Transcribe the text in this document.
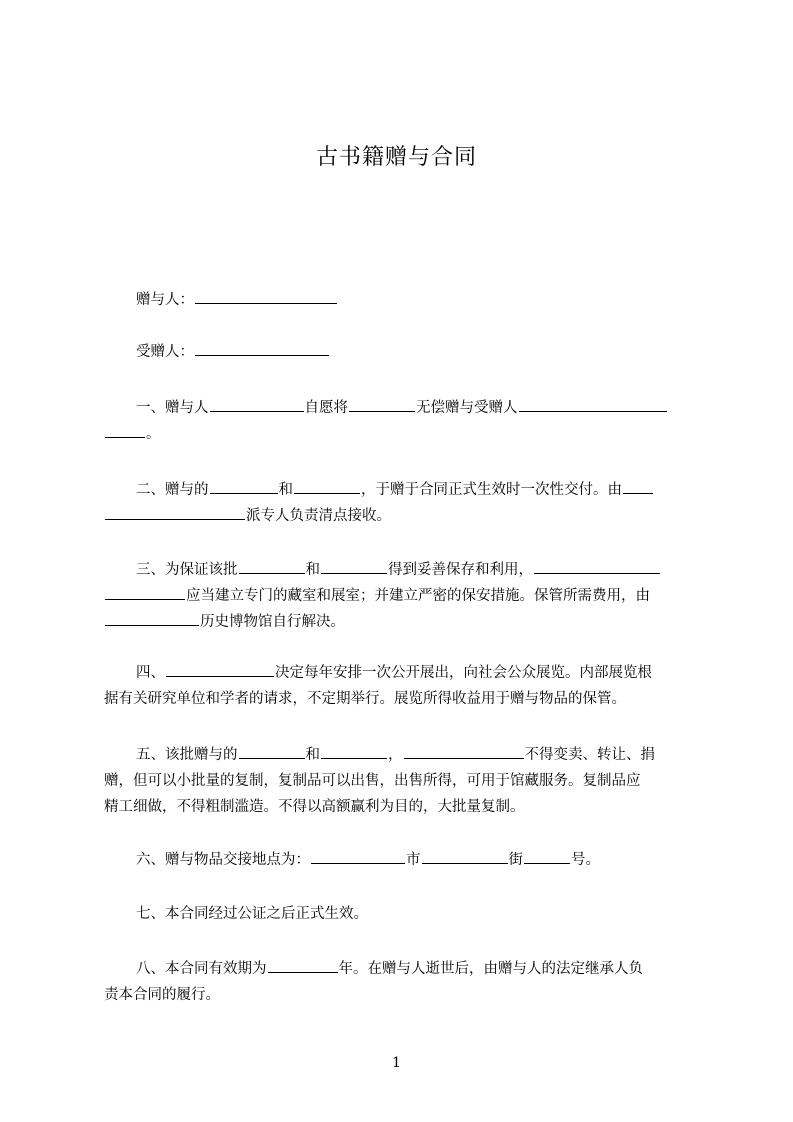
古书籍赠与合同
赠与人：
受赠人：
一、赠与人	自愿将	无偿赠与受赠人
。
二、赠与的	和	，于赠于合同正式生效时一次性交付。由
派专人负责清点接收。
三、为保证该批	和	得到妥善保存和利用，
应当建立专门的藏室和展室；并建立严密的保安措施。保管所需费用，由
历史博物馆自行解决。
四、	决定每年安排一次公开展出，向社会公众展览。内部展览根
据有关研究单位和学者的请求，不定期举行。展览所得收益用于赠与物品的保管。
五、该批赠与的	和	，	不得变卖、转让、捐
赠，但可以小批量的复制，复制品可以出售，出售所得，可用于馆藏服务。复制品应
精工细做，不得粗制滥造。不得以高额赢利为目的，大批量复制。
六、赠与物品交接地点为：	市	街	号。
七、本合同经过公证之后正式生效。
八、本合同有效期为	年。在赠与人逝世后，由赠与人的法定继承人负
责本合同的履行。
1
